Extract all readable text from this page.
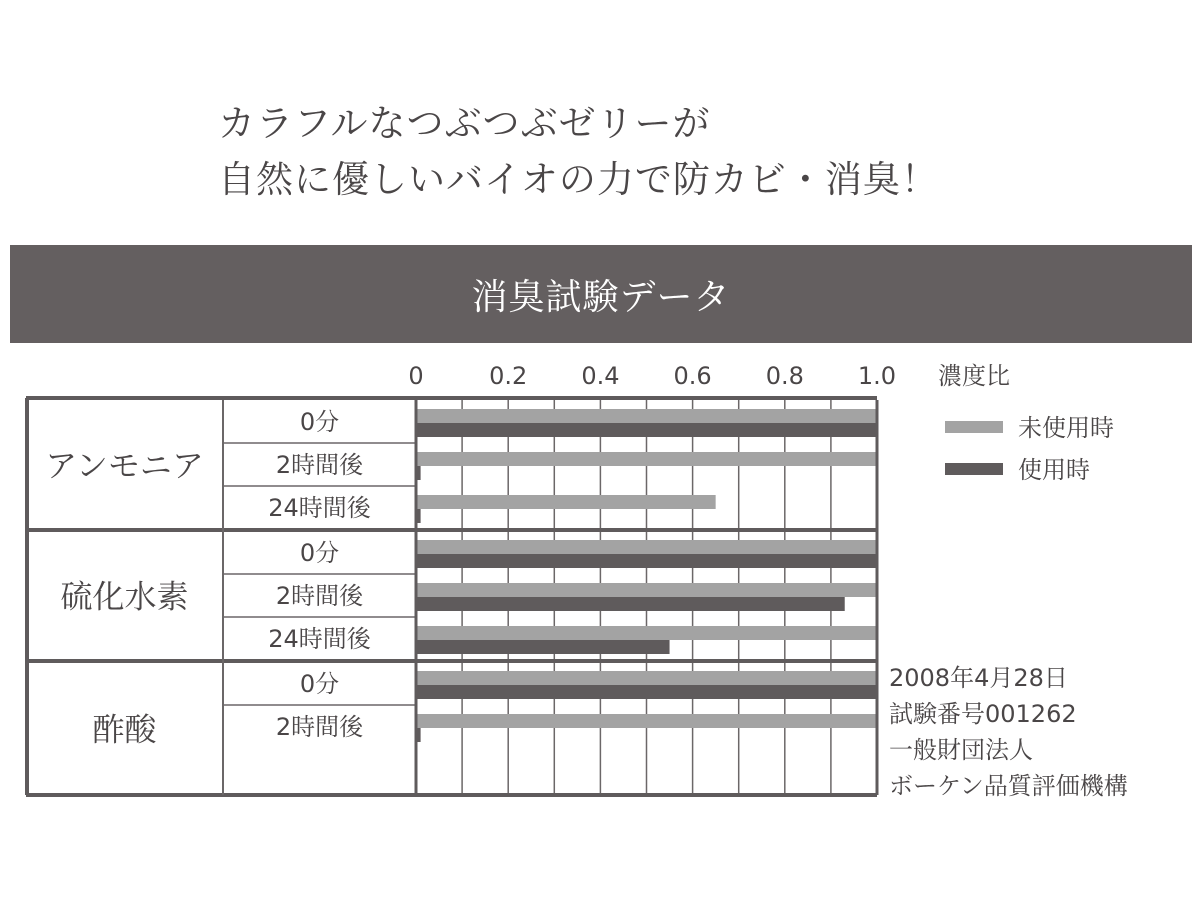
カラフルなつぶつぶゼリーが
自然に優しいバイオの力で防カビ・消臭！
消臭試験データ
0	0.2 0.4 0.6 0.8 1.0 濃度比
アンモニア
0分
2時間後
24時間後
硫化水素
0分
2時間後
24時間後
酢酸
0分
2時間後
未使用時
使用時
2008年4月28日
試験番号001262
一般財団法人
ボーケン品質評価機構
